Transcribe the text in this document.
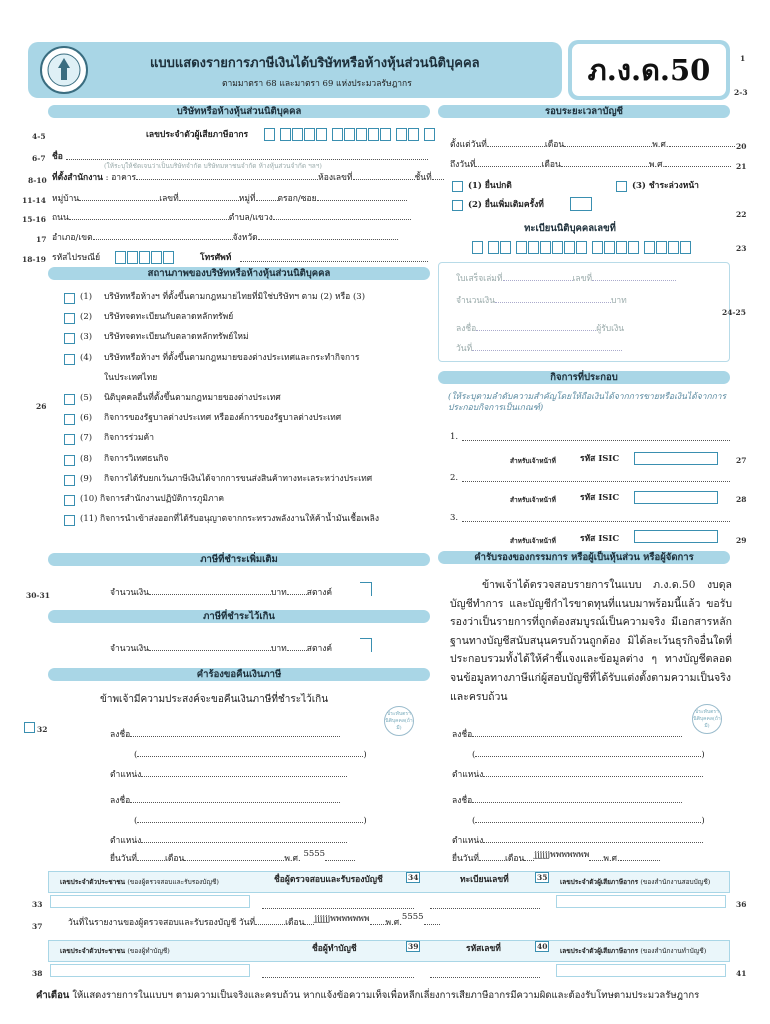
แบบแสดงรายการภาษีเงินได้บริษัทหรือห้างหุ้นส่วนนิติบุคคล
ตามมาตรา 68 และมาตรา 69 แห่งประมวลรัษฎากร	ภ.ง.ด.50	1
2-3
บริษัทหรือห้างหุ้นส่วนนิติบุคคล	รอบระยะเวลาบัญชี
4-5	เลขประจำตัวผู้เสียภาษีอากร
6-7 ชื่อ
(ให้ระบุให้ชัดเจนว่าเป็นบริษัทจำกัด บริษัทมหาชนจำกัด ห้างหุ้นส่วนจำกัด ฯลฯ)
8-10 ที่ตั้งสำนักงาน : อาคาร	ห้องเลขที่	ชั้นที่
11-14 หมู่บ้าน	เลขที่	หมู่ที่	ตรอก/ซอย
15-16 ถนน	ตำบล/แขวง
17 อำเภอ/เขต	จังหวัด
18-19 รหัสไปรษณีย์	โทรศัพท์
ตั้งแต่วันที่	เดือน	พ.ศ.	20
ถึงวันที่	เดือน	พ.ศ.	21
(1) ยื่นปกติ	(3) ชำระล่วงหน้า
(2) ยื่นเพิ่มเติมครั้งที่
22
ทะเบียนนิติบุคคลเลขที่
23
ใบเสร็จเล่มที่	เลขที่
จำนวนเงิน	บาท
24-25
ลงชื่อ	ผู้รับเงิน
วันที่
สถานภาพของบริษัทหรือห้างหุ้นส่วนนิติบุคคล
(1) บริษัทหรือห้างฯ ที่ตั้งขึ้นตามกฎหมายไทยที่มิใช่บริษัทฯ ตาม (2) หรือ (3)
(2) บริษัทจดทะเบียนกับตลาดหลักทรัพย์
(3) บริษัทจดทะเบียนกับตลาดหลักทรัพย์ใหม่
(4) บริษัทหรือห้างฯ ที่ตั้งขึ้นตามกฎหมายของต่างประเทศและกระทำกิจการ
ในประเทศไทย
(5) นิติบุคคลอื่นที่ตั้งขึ้นตามกฎหมายของต่างประเทศ
(6) กิจการของรัฐบาลต่างประเทศ หรือองค์การของรัฐบาลต่างประเทศ
(7) กิจการร่วมค้า
(8) กิจการวิเทศธนกิจ
(9) กิจการได้รับยกเว้นภาษีเงินได้จากการขนส่งสินค้าทางทะเลระหว่างประเทศ
(10) กิจการสำนักงานปฏิบัติการภูมิภาค
(11) กิจการนำเข้าส่งออกที่ได้รับอนุญาตจากกระทรวงพลังงานให้ค้าน้ำมันเชื้อเพลิง
26
กิจการที่ประกอบ
(ให้ระบุตามลำดับความสำคัญโดยให้ถือเงินได้จากการขายหรือเงินได้จากการประกอบกิจการเป็นเกณฑ์)
1.
สำหรับเจ้าหน้าที่	รหัส ISIC	27
2.
สำหรับเจ้าหน้าที่	รหัส ISIC	28
3.
สำหรับเจ้าหน้าที่	รหัส ISIC	29
ภาษีที่ชำระเพิ่มเติม
30-31	จำนวนเงิน	บาท สตางค์
ภาษีที่ชำระไว้เกิน
จำนวนเงิน	บาท สตางค์
คำร้องขอคืนเงินภาษี
ข้าพเจ้ามีความประสงค์จะขอคืนเงินภาษีที่ชำระไว้เกิน
32
ประทับตรานิติบุคคล(ถ้ามี)
ลงชื่อ
(	)
ตำแหน่ง
ลงชื่อ
(	)
ตำแหน่ง
ยื่นวันที่	เดือน	พ.ศ. 5555
คำรับรองของกรรมการ หรือผู้เป็นหุ้นส่วน หรือผู้จัดการ
ข้าพเจ้าได้ตรวจสอบรายการในแบบ ภ.ง.ด.50 งบดุล บัญชีทำการ และบัญชีกำไรขาดทุนที่แนบมาพร้อมนี้แล้ว ขอรับรองว่าเป็นรายการที่ถูกต้องสมบูรณ์เป็นความจริง มีเอกสารหลักฐานทางบัญชีสนับสนุนครบถ้วนถูกต้อง มิได้ละเว้นธุรกิจอื่นใดที่ประกอบรวมทั้งได้ให้คำชี้แจงและข้อมูลต่าง ๆ ทางบัญชีตลอดจนข้อมูลทางภาษีแก่ผู้สอบบัญชีที่ได้รับแต่งตั้งตามความเป็นจริงและครบถ้วน
ประทับตรานิติบุคคล(ถ้ามี)
ลงชื่อ
(	)
ตำแหน่ง
ลงชื่อ
(	)
ตำแหน่ง
ยื่นวันที่	เดือน jjjjjjพพพพพพพ พ.ศ.
เลขประจำตัวประชาชน (ของผู้ตรวจสอบและรับรองบัญชี)	ชื่อผู้ตรวจสอบและรับรองบัญชี	34	ทะเบียนเลขที่	35	เลขประจำตัวผู้เสียภาษีอากร (ของสำนักงานสอบบัญชี)
33	36
37	วันที่ในรายงานของผู้ตรวจสอบและรับรองบัญชี วันที่	เดือน jjjjjjพพพพพพพ พ.ศ.5555
เลขประจำตัวประชาชน (ของผู้ทำบัญชี)	ชื่อผู้ทำบัญชี	39	รหัสเลขที่	40	เลขประจำตัวผู้เสียภาษีอากร (ของสำนักงานทำบัญชี)
38	41
คำเตือน ให้แสดงรายการในแบบฯ ตามความเป็นจริงและครบถ้วน หากแจ้งข้อความเท็จเพื่อหลีกเลี่ยงการเสียภาษีอากรมีความผิดและต้องรับโทษตามประมวลรัษฎากร
